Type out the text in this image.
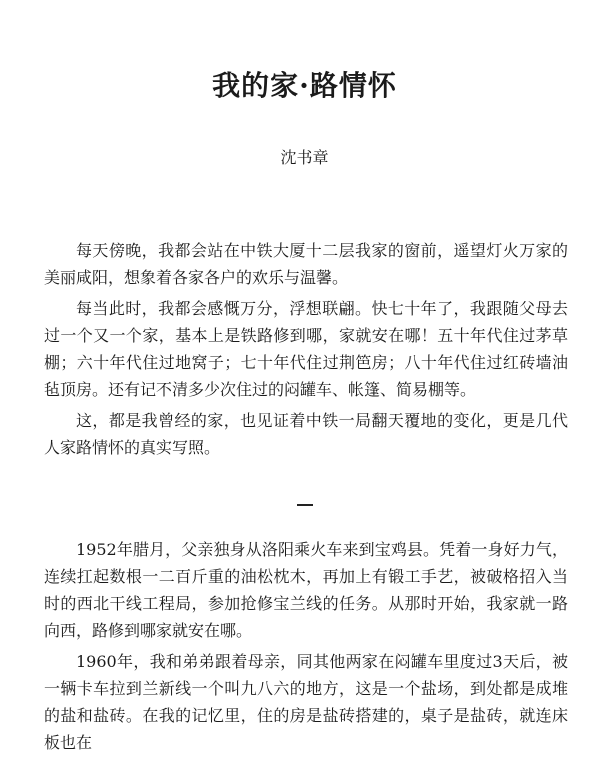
我的家·路情怀
沈书章

每天傍晚，我都会站在中铁大厦十二层我家的窗前，遥望灯火万家的美丽咸阳，想象着各家各户的欢乐与温馨。

每当此时，我都会感慨万分，浮想联翩。快七十年了，我跟随父母去过一个又一个家，基本上是铁路修到哪，家就安在哪！五十年代住过茅草棚；六十年代住过地窝子；七十年代住过荆笆房；八十年代住过红砖墙油毡顶房。还有记不清多少次住过的闷罐车、帐篷、简易棚等。

这，都是我曾经的家，也见证着中铁一局翻天覆地的变化，更是几代人家路情怀的真实写照。

1952年腊月，父亲独身从洛阳乘火车来到宝鸡县。凭着一身好力气，连续扛起数根一二百斤重的油松枕木，再加上有锻工手艺，被破格招入当时的西北干线工程局，参加抢修宝兰线的任务。从那时开始，我家就一路向西，路修到哪家就安在哪。

1960年，我和弟弟跟着母亲，同其他两家在闷罐车里度过3天后，被一辆卡车拉到兰新线一个叫九八六的地方，这是一个盐场，到处都是成堆的盐和盐砖。在我的记忆里，住的房是盐砖搭建的，桌子是盐砖，就连床板也在
